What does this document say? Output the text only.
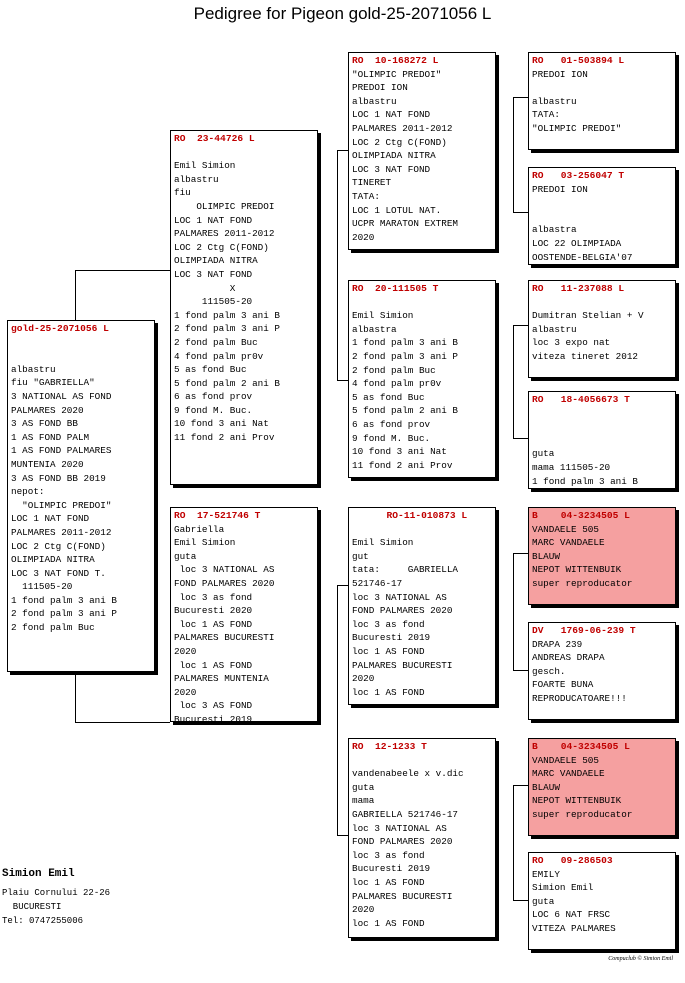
Pedigree for Pigeon gold-25-2071056 L
gold-25-2071056 L
albastru
fiu "GABRIELLA"
3 NATIONAL AS FOND
PALMARES 2020
3 AS FOND BB
1 AS FOND PALM
1 AS FOND PALMARES
MUNTENIA 2020
3 AS FOND BB 2019
nepot:
"OLIMPIC PREDOI"
LOC 1 NAT FOND
PALMARES 2011-2012
LOC 2 Ctg C(FOND)
OLIMPIADA NITRA
LOC 3 NAT FOND T.
111505-20
1 fond palm 3 ani B
2 fond palm 3 ani P
2 fond palm Buc
RO  23-44726 L
Emil Simion
albastru
fiu
OLIMPIC PREDOI
LOC 1 NAT FOND
PALMARES 2011-2012
LOC 2 Ctg C(FOND)
OLIMPIADA NITRA
LOC 3 NAT FOND
X
111505-20
1 fond palm 3 ani B
2 fond palm 3 ani P
2 fond palm Buc
4 fond palm pr0v
5 as fond Buc
5 fond palm 2 ani B
6 as fond prov
9 fond M. Buc.
10 fond 3 ani Nat
11 fond 2 ani Prov
RO  17-521746 T
Gabriella
Emil Simion
guta
loc 3 NATIONAL AS
FOND PALMARES 2020
loc 3 as fond
Bucuresti 2020
loc 1 AS FOND
PALMARES BUCURESTI
2020
loc 1 AS FOND
PALMARES MUNTENIA
2020
loc 3 AS FOND
Bucuresti 2019
RO  10-168272 L
"OLIMPIC PREDOI"
PREDOI ION
albastru
LOC 1 NAT FOND
PALMARES 2011-2012
LOC 2 Ctg C(FOND)
OLIMPIADA NITRA
LOC 3 NAT FOND
TINERET
TATA:
LOC 1 LOTUL NAT.
UCPR MARATON EXTREM
2020
RO  20-111505 T
Emil Simion
albastra
1 fond palm 3 ani B
2 fond palm 3 ani P
2 fond palm Buc
4 fond palm pr0v
5 as fond Buc
5 fond palm 2 ani B
6 as fond prov
9 fond M. Buc.
10 fond 3 ani Nat
11 fond 2 ani Prov
RO-11-010873 L
Emil Simion
gut
tata:     GABRIELLA
521746-17
loc 3 NATIONAL AS
FOND PALMARES 2020
loc 3 as fond
Bucuresti 2019
loc 1 AS FOND
PALMARES BUCURESTI
2020
loc 1 AS FOND
RO  12-1233 T
vandenabeele x v.dic
guta
mama
GABRIELLA 521746-17
loc 3 NATIONAL AS
FOND PALMARES 2020
loc 3 as fond
Bucuresti 2019
loc 1 AS FOND
PALMARES BUCURESTI
2020
loc 1 AS FOND
RO   01-503894 L
PREDOI ION
albastru
TATA:
"OLIMPIC PREDOI"
RO   03-256047 T
PREDOI ION
albastra
LOC 22 OLIMPIADA
OOSTENDE-BELGIA'07
RO   11-237088 L
Dumitran Stelian + V
albastru
loc 3 expo nat
viteza tineret 2012
RO   18-4056673 T
guta
mama 111505-20
1 fond palm 3 ani B
B    04-3234505 L
VANDAELE 505
MARC VANDAELE
BLAUW
NEPOT WITTENBUIK
super reproducator
DV   1769-06-239 T
DRAPA 239
ANDREAS DRAPA
gesch.
FOARTE BUNA
REPRODUCATOARE!!!
B    04-3234505 L
VANDAELE 505
MARC VANDAELE
BLAUW
NEPOT WITTENBUIK
super reproducator
RO   09-286503
EMILY
Simion Emil
guta
LOC 6 NAT FRSC
VITEZA PALMARES
Simion Emil
Plaiu Cornului 22-26
BUCURESTI
Tel: 0747255006
Compuclub © Simion Emil
